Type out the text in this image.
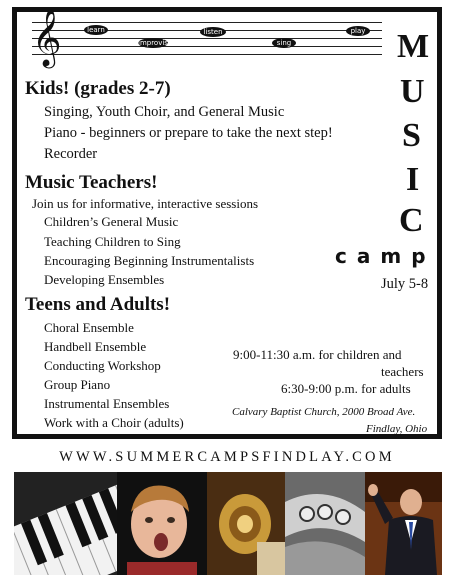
𝄞	learn
improvise
listen
sing
play M
U
S
I
C
camp
July 5-8
Kids! (grades 2-7)
Singing, Youth Choir, and General Music
Piano - beginners or prepare to take the next step!
Recorder
Music Teachers!
Join us for informative, interactive sessions
Children’s General Music
Teaching Children to Sing
Encouraging Beginning Instrumentalists
Developing Ensembles
Teens and Adults!
Choral Ensemble
Handbell Ensemble
Conducting Workshop
Group Piano
Instrumental Ensembles
Work with a Choir (adults)
9:00-11:30 a.m. for children and
teachers
6:30-9:00 p.m. for adults
Calvary Baptist Church, 2000 Broad Ave.
Findlay, Ohio
WWW.SUMMERCAMPSFINDLAY.COM
